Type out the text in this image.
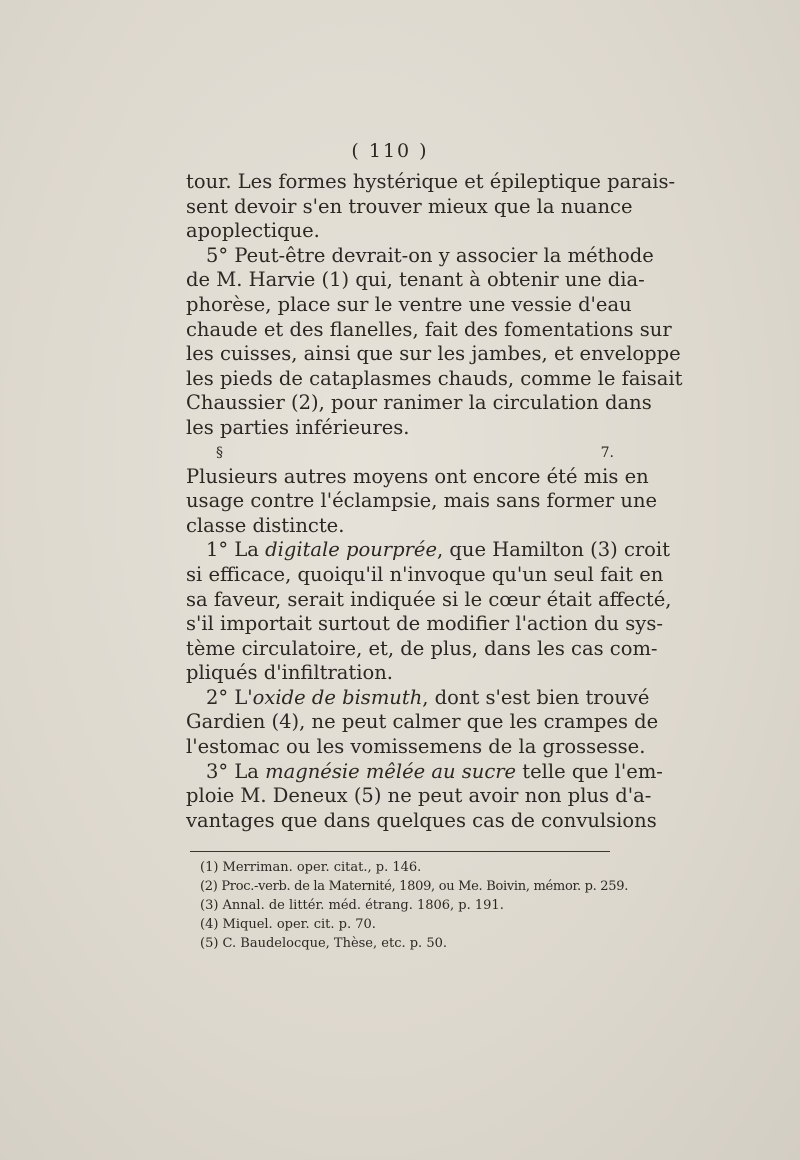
( 110 )
tour. Les formes hystérique et épileptique parais-
sent devoir s'en trouver mieux que la nuance
apoplectique.
5° Peut-être devrait-on y associer la méthode
de M. Harvie (1) qui, tenant à obtenir une dia-
phorèse, place sur le ventre une vessie d'eau
chaude et des flanelles, fait des fomentations sur
les cuisses, ainsi que sur les jambes, et enveloppe
les pieds de cataplasmes chauds, comme le faisait
Chaussier (2), pour ranimer la circulation dans
les parties inférieures.
§ 7.
Plusieurs autres moyens ont encore été mis en
usage contre l'éclampsie, mais sans former une
classe distincte.
1° La digitale pourprée, que Hamilton (3) croit
si efficace, quoiqu'il n'invoque qu'un seul fait en
sa faveur, serait indiquée si le cœur était affecté,
s'il importait surtout de modifier l'action du sys-
tème circulatoire, et, de plus, dans les cas com-
pliqués d'infiltration.
2° L'oxide de bismuth, dont s'est bien trouvé
Gardien (4), ne peut calmer que les crampes de
l'estomac ou les vomissemens de la grossesse.
3° La magnésie mêlée au sucre telle que l'em-
ploie M. Deneux (5) ne peut avoir non plus d'a-
vantages que dans quelques cas de convulsions
(1) Merriman. oper. citat., p. 146.
(2) Proc.-verb. de la Maternité, 1809, ou Me. Boivin, mémor. p. 259.
(3) Annal. de littér. méd. étrang. 1806, p. 191.
(4) Miquel. oper. cit. p. 70.
(5) C. Baudelocque, Thèse, etc. p. 50.
